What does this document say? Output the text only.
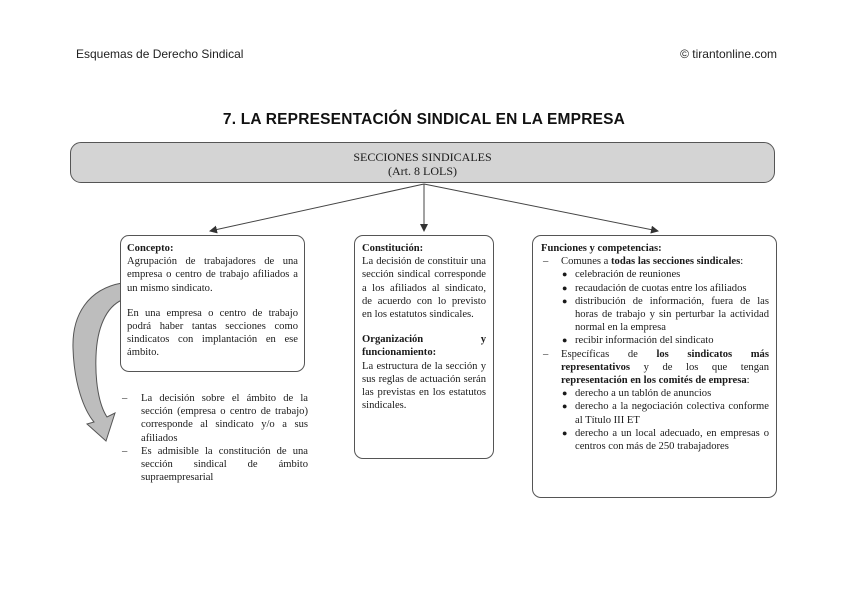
Esquemas de Derecho Sindical	© tirantonline.com
7. LA REPRESENTACIÓN SINDICAL EN LA EMPRESA
SECCIONES SINDICALES
(Art. 8 LOLS)

Concepto:

Agrupación de trabajadores de una empresa o centro de trabajo afiliados a un mismo sindicato.

En una empresa o centro de trabajo podrá haber tantas secciones como sindicatos con implantación en ese ámbito.

–	La decisión sobre el ámbito de la sección (empresa o centro de trabajo) corresponde al sindicato y/o a sus afiliados
–	Es admisible la constitución de una sección sindical de ámbito supraempresarial

Constitución:

La decisión de constituir una sección sindical corresponde a los afiliados al sindicato, de acuerdo con lo previsto en los estatutos sindicales.

Organización y funcionamiento:

La estructura de la sección y sus reglas de actuación serán las previstas en los estatutos sindicales.

Funciones y competencias:

–	Comunes a todas las secciones sindicales:
● celebración de reuniones
● recaudación de cuotas entre los afiliados
● distribución de información, fuera de las horas de trabajo y sin perturbar la actividad normal en la empresa
● recibir información del sindicato
–	Específicas de los sindicatos más representativos y de los que tengan representación en los comités de empresa:
● derecho a un tablón de anuncios
● derecho a la negociación colectiva conforme al Título III ET
● derecho a un local adecuado, en empresas o centros con más de 250 trabajadores
